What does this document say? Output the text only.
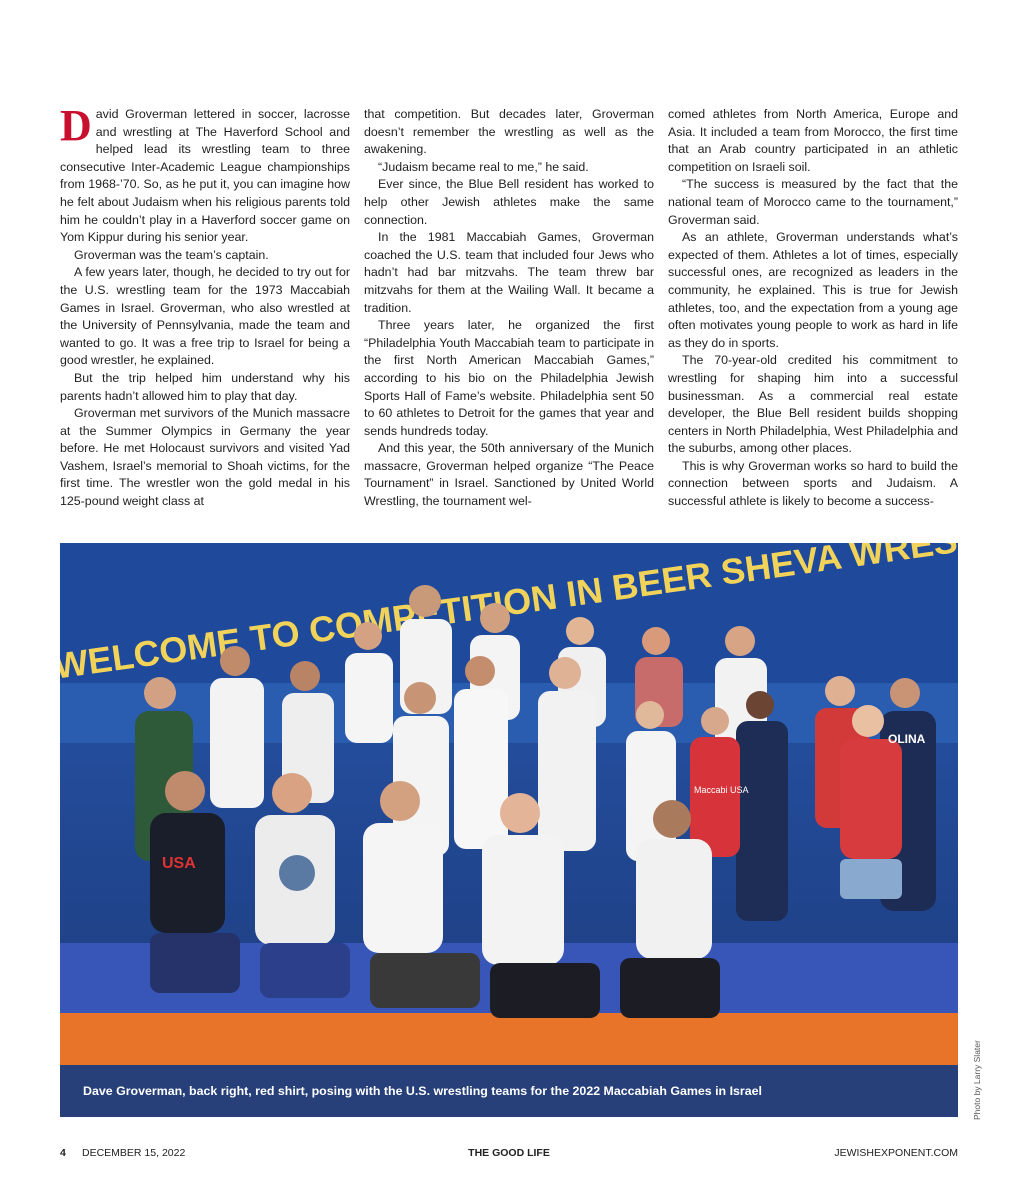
David Groverman lettered in soccer, lacrosse and wrestling at The Haverford School and helped lead its wrestling team to three consecutive Inter-Academic League championships from 1968-’70. So, as he put it, you can imagine how he felt about Judaism when his religious parents told him he couldn’t play in a Haverford soccer game on Yom Kippur during his senior year.

Groverman was the team’s captain.

A few years later, though, he decided to try out for the U.S. wrestling team for the 1973 Maccabiah Games in Israel. Groverman, who also wrestled at the University of Pennsylvania, made the team and wanted to go. It was a free trip to Israel for being a good wrestler, he explained.

But the trip helped him understand why his parents hadn’t allowed him to play that day.

Groverman met survivors of the Munich massacre at the Summer Olympics in Germany the year before. He met Holocaust survivors and visited Yad Vashem, Israel’s memorial to Shoah victims, for the first time. The wrestler won the gold medal in his 125-pound weight class at

that competition. But decades later, Groverman doesn’t remember the wrestling as well as the awakening.

“Judaism became real to me,” he said.

Ever since, the Blue Bell resident has worked to help other Jewish athletes make the same connection.

In the 1981 Maccabiah Games, Groverman coached the U.S. team that included four Jews who hadn’t had bar mitzvahs. The team threw bar mitzvahs for them at the Wailing Wall. It became a tradition.

Three years later, he organized the first “Philadelphia Youth Maccabiah team to participate in the first North American Maccabiah Games,” according to his bio on the Philadelphia Jewish Sports Hall of Fame’s website. Philadelphia sent 50 to 60 athletes to Detroit for the games that year and sends hundreds today.

And this year, the 50th anniversary of the Munich massacre, Groverman helped organize “The Peace Tournament” in Israel. Sanctioned by United World Wrestling, the tournament wel-

comed athletes from North America, Europe and Asia. It included a team from Morocco, the first time that an Arab country participated in an athletic competition on Israeli soil.

“The success is measured by the fact that the national team of Morocco came to the tournament,” Groverman said.

As an athlete, Groverman understands what’s expected of them. Athletes a lot of times, especially successful ones, are recognized as leaders in the community, he explained. This is true for Jewish athletes, too, and the expectation from a young age often motivates young people to work as hard in life as they do in sports.

The 70-year-old credited his commitment to wrestling for shaping him into a successful businessman. As a commercial real estate developer, the Blue Bell resident builds shopping centers in North Philadelphia, West Philadelphia and the suburbs, among other places.

This is why Groverman works so hard to build the connection between sports and Judaism. A successful athlete is likely to become a success-

WELCOME TO IN BEER SHEVA
USA
Maccabi USA
OLINA
Dave Groverman, back right, red shirt, posing with the U.S. wrestling teams for the 2022 Maccabiah Games in Israel	Photo by Larry Slater
4 DECEMBER 15, 2022	THE GOOD LIFE	JEWISHEXPONENT.COM
